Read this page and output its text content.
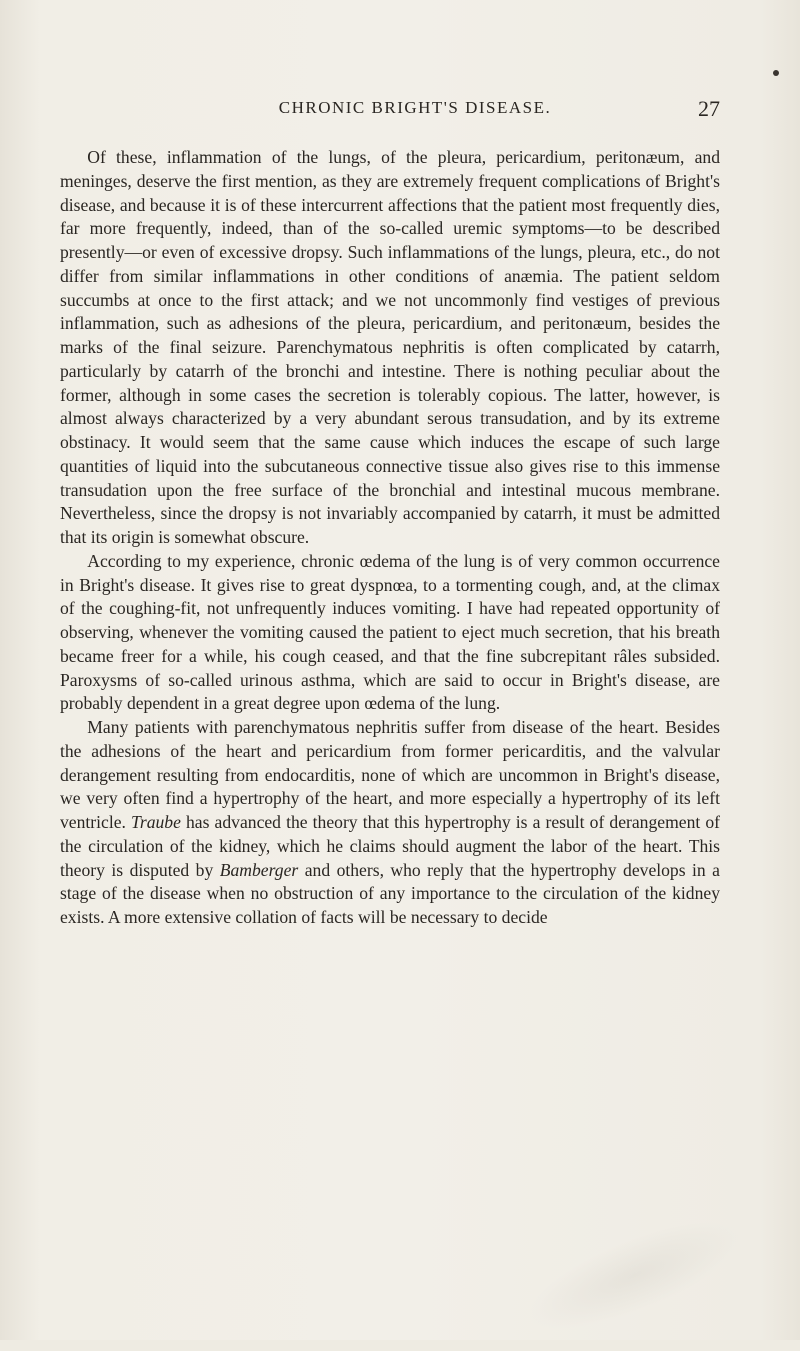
CHRONIC BRIGHT'S DISEASE.	27

Of these, inflammation of the lungs, of the pleura, pericardium, peritonæum, and meninges, deserve the first mention, as they are extremely frequent complications of Bright's disease, and because it is of these intercurrent affections that the patient most frequently dies, far more frequently, indeed, than of the so-called uremic symptoms—to be described presently—or even of excessive dropsy. Such inflammations of the lungs, pleura, etc., do not differ from similar inflammations in other conditions of anæmia. The patient seldom succumbs at once to the first attack; and we not uncommonly find vestiges of previous inflammation, such as adhesions of the pleura, pericardium, and peritonæum, besides the marks of the final seizure. Parenchymatous nephritis is often complicated by catarrh, particularly by catarrh of the bronchi and intestine. There is nothing peculiar about the former, although in some cases the secretion is tolerably copious. The latter, however, is almost always characterized by a very abundant serous transudation, and by its extreme obstinacy. It would seem that the same cause which induces the escape of such large quantities of liquid into the subcutaneous connective tissue also gives rise to this immense transudation upon the free surface of the bronchial and intestinal mucous membrane. Nevertheless, since the dropsy is not invariably accompanied by catarrh, it must be admitted that its origin is somewhat obscure.

According to my experience, chronic œdema of the lung is of very common occurrence in Bright's disease. It gives rise to great dyspnœa, to a tormenting cough, and, at the climax of the coughing-fit, not unfrequently induces vomiting. I have had repeated opportunity of observing, whenever the vomiting caused the patient to eject much secretion, that his breath became freer for a while, his cough ceased, and that the fine subcrepitant râles subsided. Paroxysms of so-called urinous asthma, which are said to occur in Bright's disease, are probably dependent in a great degree upon œdema of the lung.

Many patients with parenchymatous nephritis suffer from disease of the heart. Besides the adhesions of the heart and pericardium from former pericarditis, and the valvular derangement resulting from endocarditis, none of which are uncommon in Bright's disease, we very often find a hypertrophy of the heart, and more especially a hypertrophy of its left ventricle. Traube has advanced the theory that this hypertrophy is a result of derangement of the circulation of the kidney, which he claims should augment the labor of the heart. This theory is disputed by Bamberger and others, who reply that the hypertrophy develops in a stage of the disease when no obstruction of any importance to the circulation of the kidney exists. A more extensive collation of facts will be necessary to decide
